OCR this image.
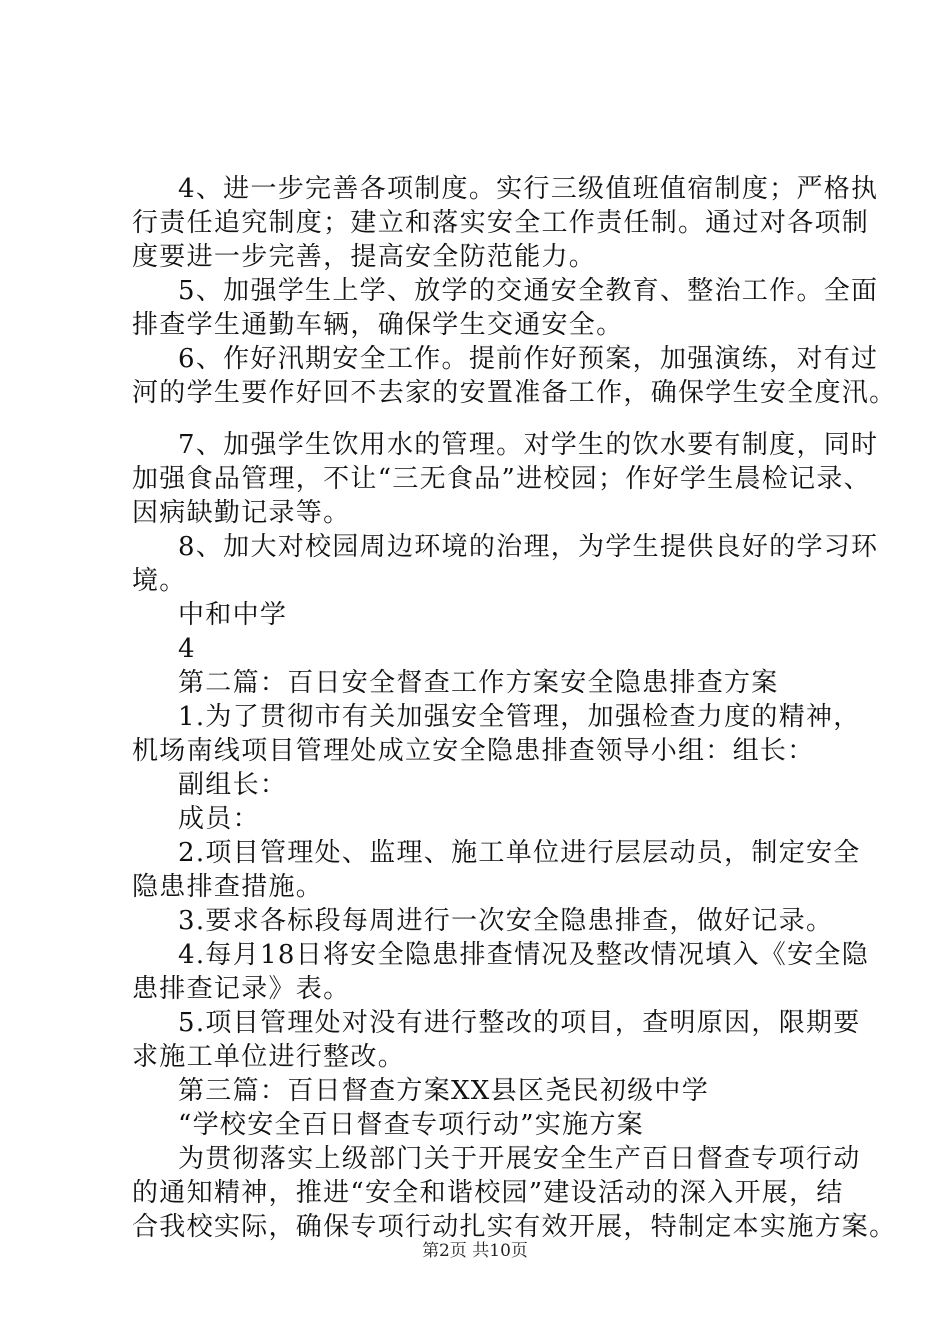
4、进一步完善各项制度。实行三级值班值宿制度；严格执
行责任追究制度；建立和落实安全工作责任制。通过对各项制
度要进一步完善，提高安全防范能力。
5、加强学生上学、放学的交通安全教育、整治工作。全面
排查学生通勤车辆，确保学生交通安全。
6、作好汛期安全工作。提前作好预案，加强演练，对有过
河的学生要作好回不去家的安置准备工作，确保学生安全度汛。
7、加强学生饮用水的管理。对学生的饮水要有制度，同时
加强食品管理，不让“三无食品”进校园；作好学生晨检记录、
因病缺勤记录等。
8、加大对校园周边环境的治理，为学生提供良好的学习环
境。
中和中学
4
第二篇：百日安全督查工作方案安全隐患排查方案
1.为了贯彻市有关加强安全管理，加强检查力度的精神，
机场南线项目管理处成立安全隐患排查领导小组：组长：
副组长：
成员：
2.项目管理处、监理、施工单位进行层层动员，制定安全
隐患排查措施。
3.要求各标段每周进行一次安全隐患排查，做好记录。
4.每月18日将安全隐患排查情况及整改情况填入《安全隐
患排查记录》表。
5.项目管理处对没有进行整改的项目，查明原因，限期要
求施工单位进行整改。
第三篇：百日督查方案XX县区尧民初级中学
“学校安全百日督查专项行动”实施方案
为贯彻落实上级部门关于开展安全生产百日督查专项行动
的通知精神，推进“安全和谐校园”建设活动的深入开展，结
合我校实际，确保专项行动扎实有效开展，特制定本实施方案。
第2页 共10页
